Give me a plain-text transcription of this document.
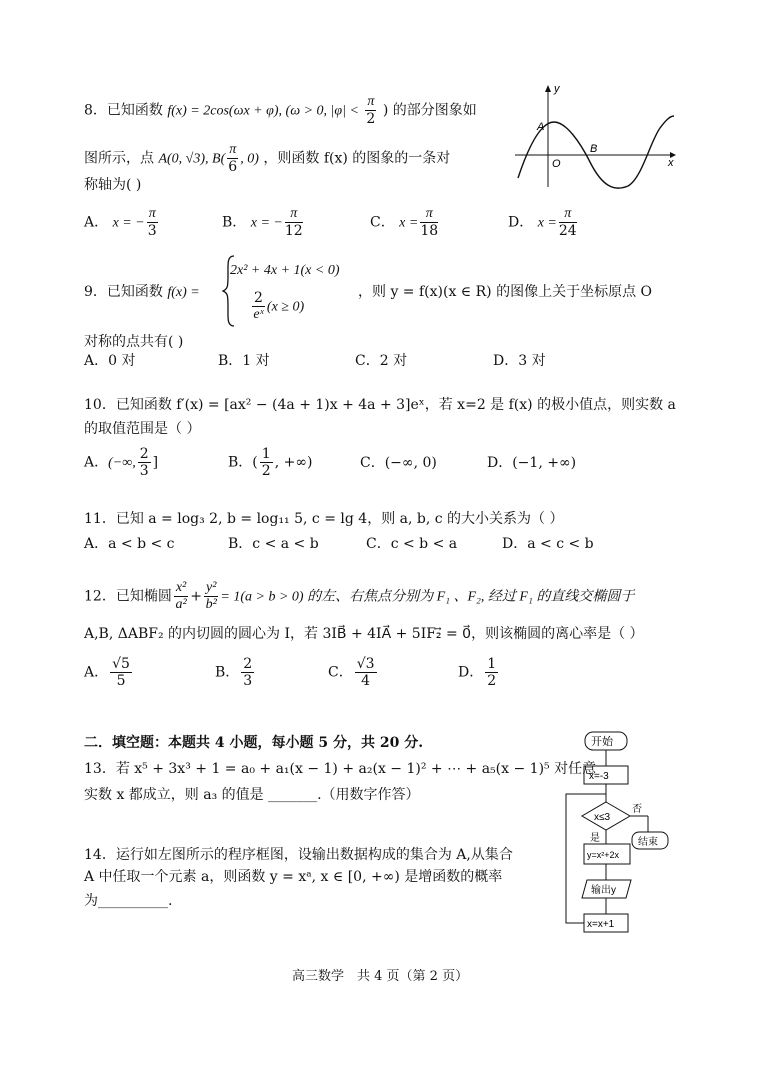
8．已知函数 f(x) = 2cos(ωx + φ), (ω > 0, $|\varphi| < \frac{\pi}{2}$ ) 的部分图象如
图所示，点 A(0, √3), $B( \frac{\pi}{6}$ , 0) ，则函数 f(x) 的图象的一条对
称轴为( )
y
x
A
B
O
A． x = − $\frac{\pi}{3}$	B． x = − $\frac{\pi}{12}$	C． $x = \frac{\pi}{18}$	D． $x = \frac{\pi}{24}$
9．已知函数 f(x) =
2x² + 4x + 1(x < 0)
$\frac{2}{\text{eˣ}} (x \ge 0)$
，则 y = f(x)(x ∈ R) 的图像上关于坐标原点 O
对称的点共有( )
A．0 对	B．1 对	C．2 对	D．3 对
10．已知函数 f′(x) = [ax² − (4a + 1)x + 4a + 3]eˣ，若 x=2 是 f(x) 的极小值点，则实数 a
的取值范围是（ ）
A．(−∞, $\frac{2}{3}$ ]	B．( $\frac{1}{2}$ , +∞)	C．(−∞, 0)	D．(−1, +∞)
11．已知 a = log₃ 2, b = log₁₁ 5, c = lg 4，则 a, b, c 的大小关系为（ ）
A．a < b < c	B．c < a < b	C．c < b < a	D．a < c < b
12．已知椭圆 $\frac{\text{x²}}{\text{a²}} + \frac{\text{y²}}{\text{b²}} = 1(a > b > 0)$ 的左、右焦点分别为 F₁ 、F₂, 经过 F₁ 的直线交椭圆于
A,B, ΔABF₂ 的内切圆的圆心为 I，若 3IB⃗ + 4IA⃗ + 5IF₂⃗ = 0⃗，则该椭圆的离心率是（ ）
A． $\frac{√5}{5}$	B． $\frac{2}{3}$	C． $\frac{√3}{4}$	D． $\frac{1}{2}$
二．填空题：本题共 4 小题，每小题 5 分，共 20 分.
13．若 x⁵ + 3x³ + 1 = a₀ + a₁(x − 1) + a₂(x − 1)² + ⋯ + a₅(x − 1)⁵ 对任意
实数 x 都成立，则 a₃ 的值是 _______.（用数字作答）
14．运行如左图所示的程序框图，设输出数据构成的集合为 A,从集合
A 中任取一个元素 a，则函数 y = xᵃ, x ∈ [0, +∞) 是增函数的概率
为__________.
开始
x=-3
x≤3
否
是	结束
y=x²+2x
输出y
x=x+1
高三数学　共 4 页（第 2 页）
